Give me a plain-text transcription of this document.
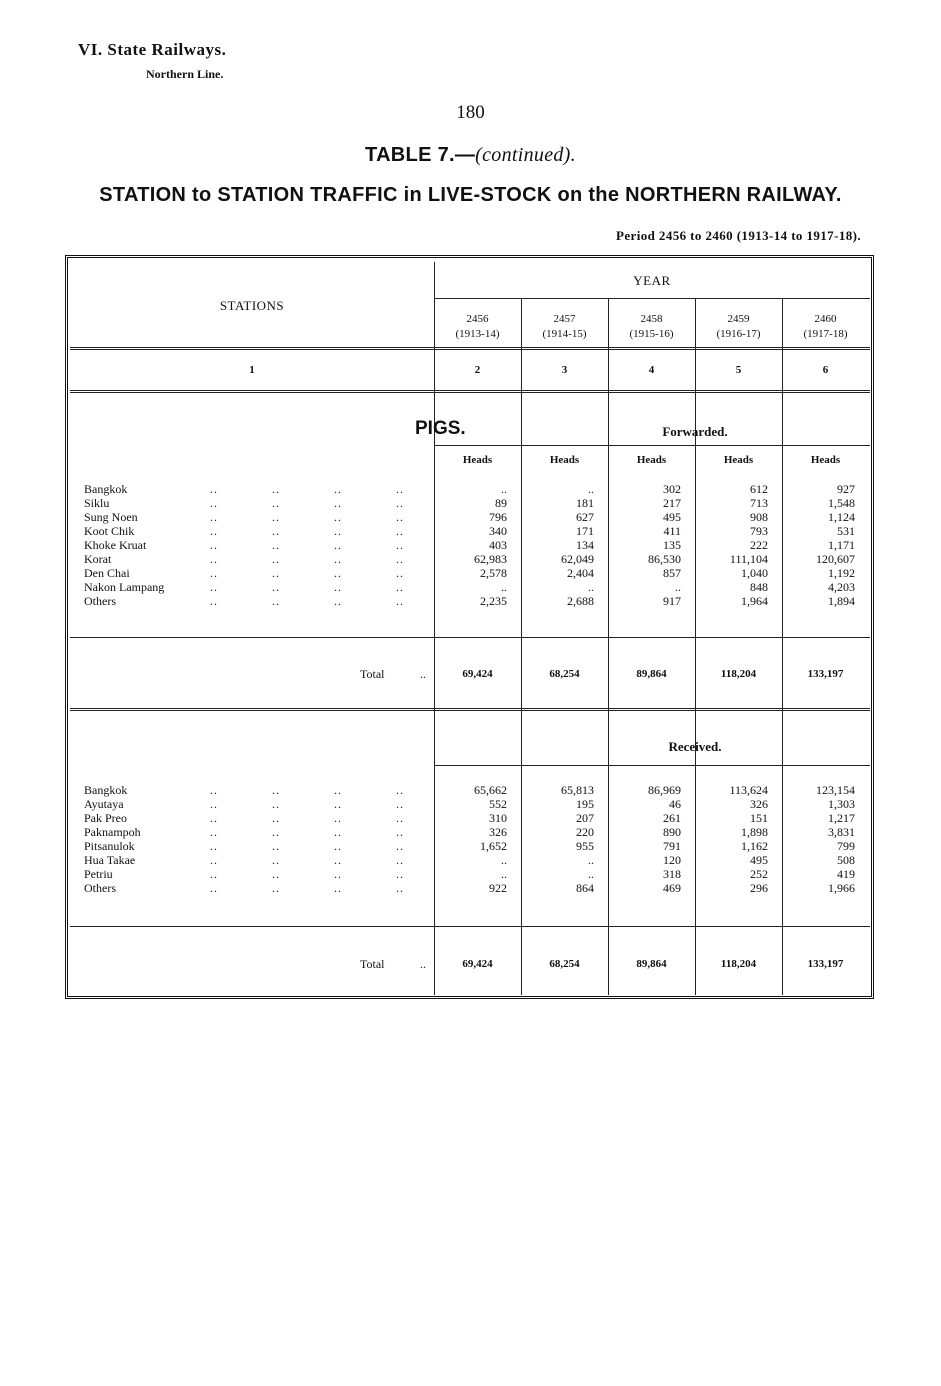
VI. State Railways.
Northern Line.
180
TABLE 7.—(continued).
STATION to STATION TRAFFIC in LIVE-STOCK on the NORTHERN RAILWAY.
Period 2456 to 2460 (1913-14 to 1917-18).
STATIONS
YEAR
2456
(1913-14)
2457
(1914-15)
2458
(1915-16)
2459
(1916-17)
2460
(1917-18)
1	2	3	4	5	6
PIGS.	Forwarded.
Received.
Heads	Heads	Heads	Heads	Heads
Bangkok	.. .. .. ..	..	..	302	612	927
Siklu	.. .. .. ..	89	181	217	713	1,548
Sung Noen	.. .. .. ..	796	627	495	908	1,124
Koot Chik	.. .. .. ..	340	171	411	793	531
Khoke Kruat	.. .. .. ..	403	134	135	222	1,171
Korat	.. .. .. ..	62,983	62,049	86,530	111,104	120,607
Den Chai	.. .. .. ..	2,578	2,404	857	1,040	1,192
Nakon Lampang	.. .. .. ..	..	..	..	848	4,203
Others	.. .. .. ..	2,235	2,688	917	1,964	1,894
Total	..	69,424	68,254	89,864	118,204	133,197
Bangkok	.. .. .. ..	65,662	65,813	86,969	113,624	123,154
Ayutaya	.. .. .. ..	552	195	46	326	1,303
Pak Preo	.. .. .. ..	310	207	261	151	1,217
Paknampoh	.. .. .. ..	326	220	890	1,898	3,831
Pitsanulok	.. .. .. ..	1,652	955	791	1,162	799
Hua Takae	.. .. .. ..	..	..	120	495	508
Petriu	.. .. .. ..	..	..	318	252	419
Others	.. .. .. ..	922	864	469	296	1,966
Total	..	69,424	68,254	89,864	118,204	133,197
